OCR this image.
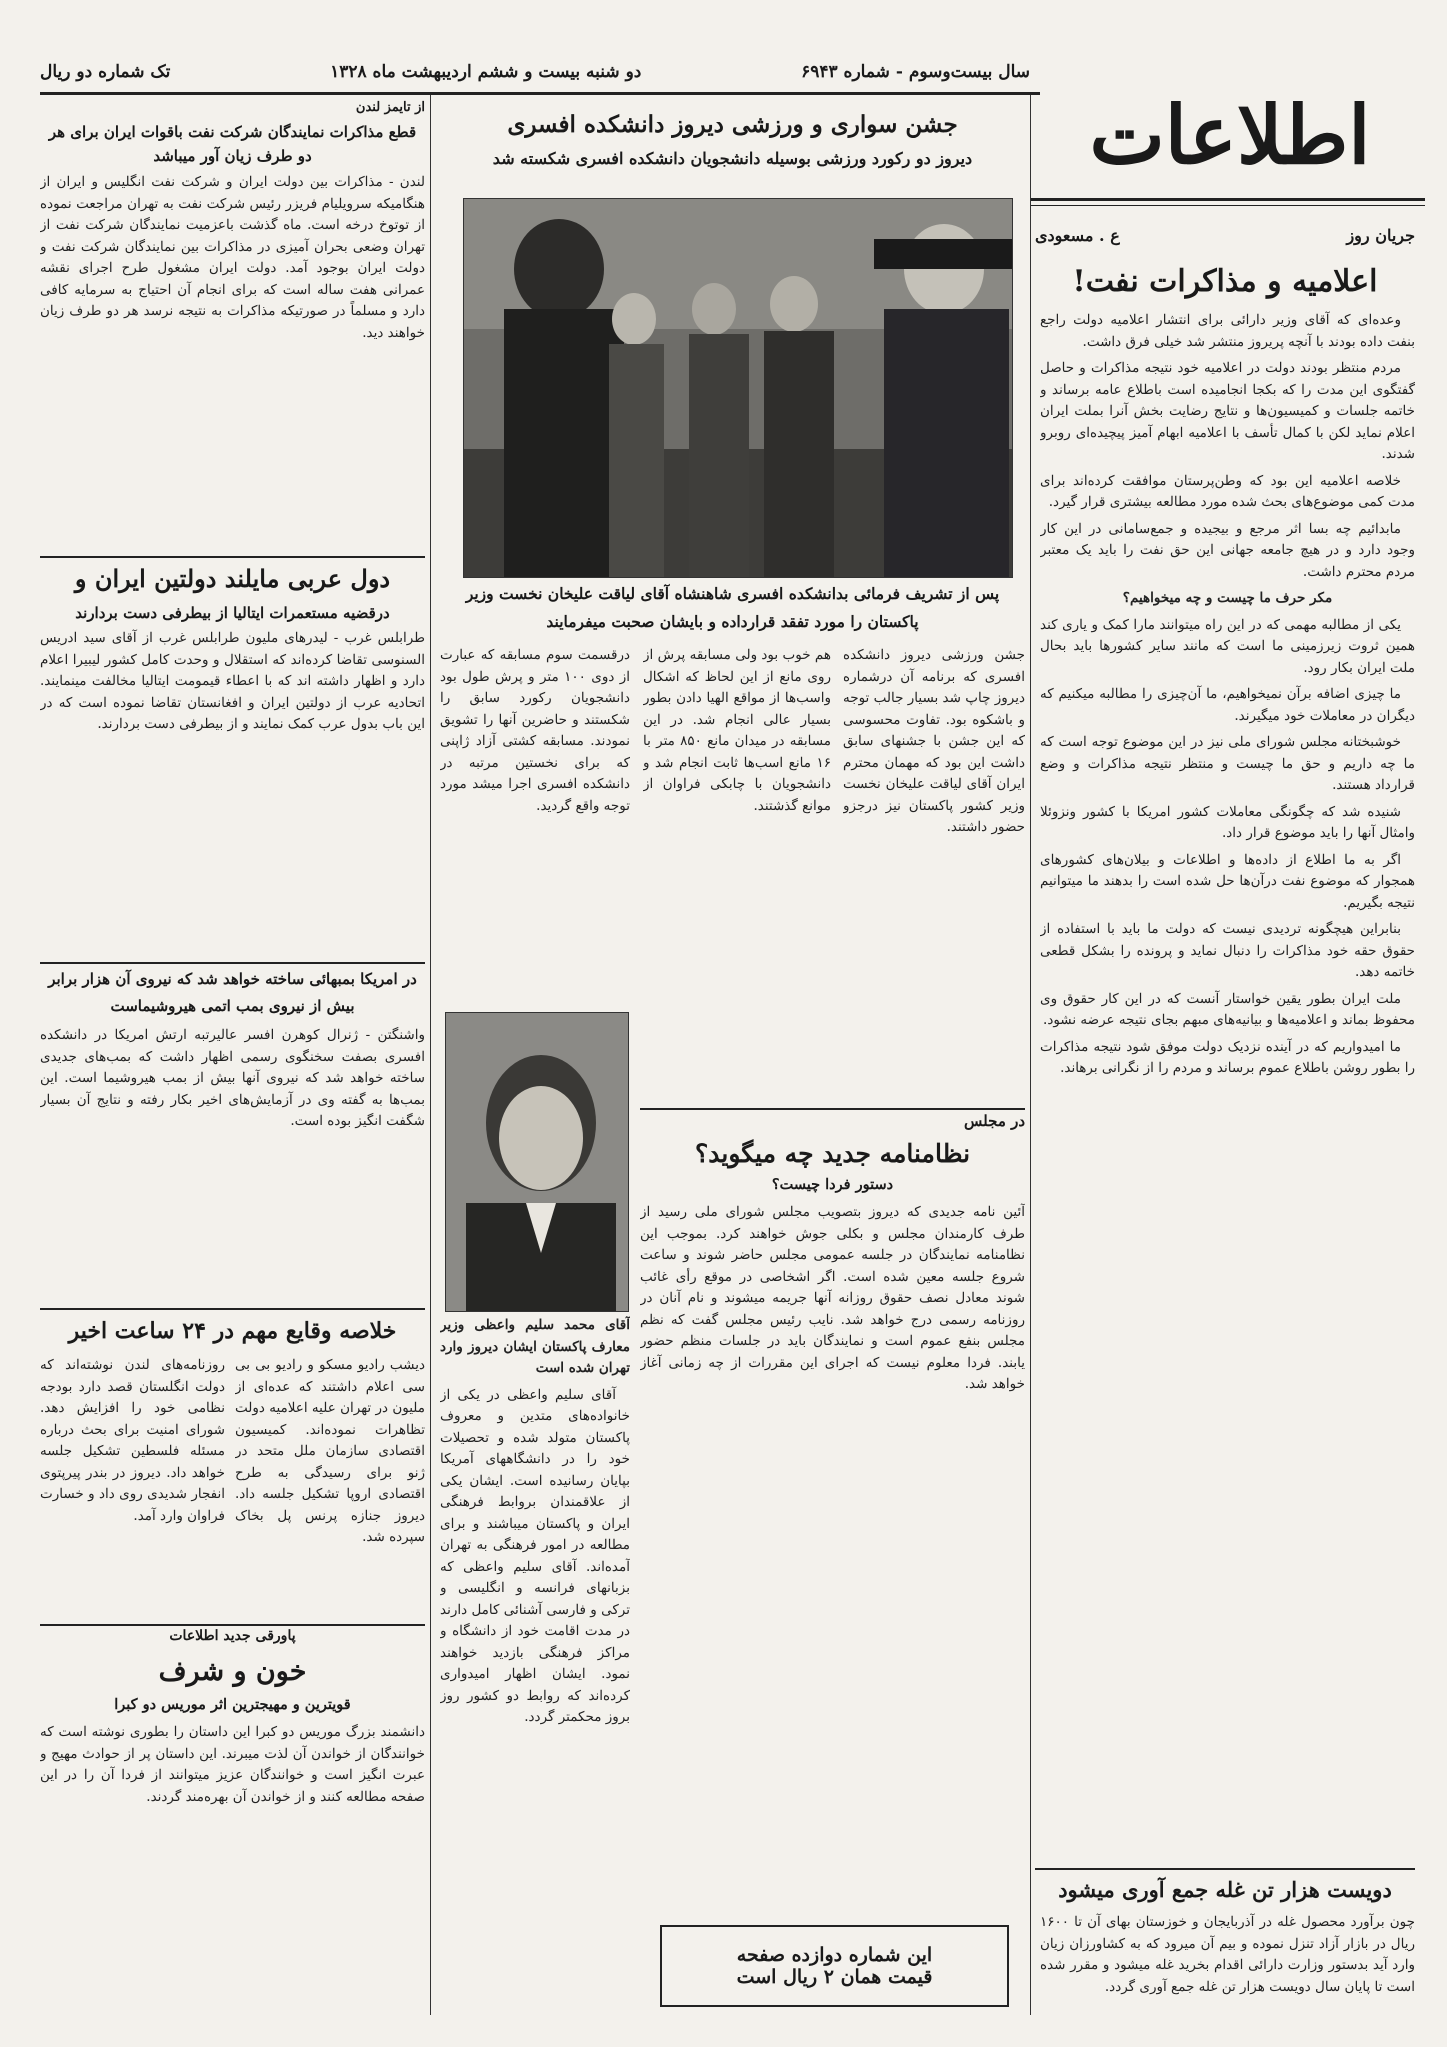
سال بیست‌وسوم - شماره ۶۹۴۳
دو شنبه بیست و ششم اردیبهشت ماه ۱۳۲۸
تک شماره دو ریال
اطلاعات
جریان روز
ع . مسعودی
اعلامیه و مذاکرات نفت!

وعده‌ای که آقای وزیر دارائی برای انتشار اعلامیه دولت راجع بنفت داده بودند با آنچه پریروز منتشر شد خیلی فرق داشت.

مردم منتظر بودند دولت در اعلامیه خود نتیجه مذاکرات و حاصل گفتگوی این مدت را که بکجا انجامیده است باطلاع عامه برساند و خاتمه جلسات و کمیسیون‌ها و نتایج رضایت بخش آنرا بملت ایران اعلام نماید لکن با کمال تأسف با اعلامیه ابهام آمیز پیچیده‌ای روبرو شدند.

خلاصه اعلامیه این بود که وطن‌پرستان موافقت کرده‌اند برای مدت کمی موضوع‌های بحث شده مورد مطالعه بیشتری قرار گیرد.

مابدائیم چه بسا اثر مرجع و بیجیده و جمع‌سامانی در این کار وجود دارد و در هیچ جامعه جهانی این حق نفت را باید یک معتبر مردم محترم داشت.

مکر حرف ما چیست و چه میخواهیم؟

یکی از مطالبه مهمی که در این راه میتوانند مارا کمک و یاری کند همین ثروت زیرزمینی ما است که مانند سایر کشورها باید بحال ملت ایران بکار رود.

ما چیزی اضافه برآن نمیخواهیم، ما آن‌چیزی را مطالبه میکنیم که دیگران در معاملات خود میگیرند.

خوشبختانه مجلس شورای ملی نیز در این موضوع توجه است که ما چه داریم و حق ما چیست و منتظر نتیجه مذاکرات و وضع قرارداد هستند.

شنیده شد که چگونگی معاملات کشور امریکا با کشور ونزوئلا وامثال آنها را باید موضوع قرار داد.

اگر به ما اطلاع از داده‌ها و اطلاعات و بیلان‌های کشورهای همجوار که موضوع نفت درآن‌ها حل شده است را بدهند ما میتوانیم نتیجه بگیریم.

بنابراین هیچگونه تردیدی نیست که دولت ما باید با استفاده از حقوق حقه خود مذاکرات را دنبال نماید و پرونده را بشکل قطعی خاتمه دهد.

ملت ایران بطور یقین خواستار آنست که در این کار حقوق وی محفوظ بماند و اعلامیه‌ها و بیانیه‌های مبهم بجای نتیجه عرضه نشود.

ما امیدواریم که در آینده نزدیک دولت موفق شود نتیجه مذاکرات را بطور روشن باطلاع عموم برساند و مردم را از نگرانی برهاند.

دویست هزار تن غله جمع آوری میشود
چون برآورد محصول غله در آذربایجان و خوزستان بهای آن تا ۱۶۰۰ ریال در بازار آزاد تنزل نموده و بیم آن میرود که به کشاورزان زیان وارد آید بدستور وزارت دارائی اقدام بخرید غله میشود و مقرر شده است تا پایان سال دویست هزار تن غله جمع آوری گردد.
جشن سواری و ورزشی دیروز دانشکده افسری
دیروز دو رکورد ورزشی بوسیله دانشجویان دانشکده افسری شکسته شد
پس از تشریف فرمائی بدانشکده افسری شاهنشاه آقای لیاقت علیخان نخست وزیر پاکستان را مورد تفقد قرارداده و بایشان صحبت میفرمایند
جشن ورزشی دیروز دانشکده افسری که برنامه آن درشماره دیروز چاپ شد بسیار جالب توجه و باشکوه بود. تفاوت محسوسی که این جشن با جشنهای سابق داشت این بود که مهمان محترم ایران آقای لیاقت علیخان نخست وزیر کشور پاکستان نیز درجزو حضور داشتند.
هم خوب بود ولی مسابقه پرش از روی مانع از این لحاظ که اشکال واسب‌ها از مواقع الهیا دادن بطور بسیار عالی انجام شد. در این مسابقه در میدان مانع ۸۵۰ متر با ۱۶ مانع اسب‌ها ثابت انجام شد و دانشجویان با چابکی فراوان از موانع گذشتند.
درقسمت سوم مسابقه که عبارت از دوی ۱۰۰ متر و پرش طول بود دانشجویان رکورد سابق را شکستند و حاضرین آنها را تشویق نمودند. مسابقه کشتی آزاد ژاپنی که برای نخستین مرتبه در دانشکده افسری اجرا میشد مورد توجه واقع گردید.

آقای محمد سلیم واعظی وزیر معارف پاکستان ایشان دیروز وارد تهران شده است

آقای سلیم واعظی در یکی از خانواده‌های متدین و معروف پاکستان متولد شده و تحصیلات خود را در دانشگاههای آمریکا بپایان رسانیده است. ایشان یکی از علاقمندان بروابط فرهنگی ایران و پاکستان میباشند و برای مطالعه در امور فرهنگی به تهران آمده‌اند. آقای سلیم واعظی که بزبانهای فرانسه و انگلیسی و ترکی و فارسی آشنائی کامل دارند در مدت اقامت خود از دانشگاه و مراکز فرهنگی بازدید خواهند نمود. ایشان اظهار امیدواری کرده‌اند که روابط دو کشور روز بروز محکمتر گردد.

در مجلس
نظامنامه جدید چه میگوید؟
دستور فردا چیست؟
آئین نامه جدیدی که دیروز بتصویب مجلس شورای ملی رسید از طرف کارمندان مجلس و بکلی جوش خواهند کرد. بموجب این نظامنامه نمایندگان در جلسه عمومی مجلس حاضر شوند و ساعت شروع جلسه معین شده است. اگر اشخاصی در موقع رأی غائب شوند معادل نصف حقوق روزانه آنها جریمه میشوند و نام آنان در روزنامه رسمی درج خواهد شد. نایب رئیس مجلس گفت که نظم مجلس بنفع عموم است و نمایندگان باید در جلسات منظم حضور یابند. فردا معلوم نیست که اجرای این مقررات از چه زمانی آغاز خواهد شد.
این شماره دوازده صفحه
قیمت همان ۲ ریال است
از تایمز لندن
قطع مذاکرات نمایندگان شرکت نفت باقوات ایران برای هر دو طرف زیان آور میباشد
لندن - مذاکرات بین دولت ایران و شرکت نفت انگلیس و ایران از هنگامیکه سرویلیام فریزر رئیس شرکت نفت به تهران مراجعت نموده از توتوخ درخه است. ماه گذشت باعزمیت نمایندگان شرکت نفت از تهران وضعی بحران آمیزی در مذاکرات بین نمایندگان شرکت نفت و دولت ایران بوجود آمد. دولت ایران مشغول طرح اجرای نقشه عمرانی هفت ساله است که برای انجام آن احتیاج به سرمایه کافی دارد و مسلماً در صورتیکه مذاکرات به نتیجه نرسد هر دو طرف زیان خواهند دید.
دول عربی مایلند دولتین ایران و
درقضیه مستعمرات ایتالیا از بیطرفی دست بردارند
طرابلس غرب - لیدرهای ملیون طرابلس غرب از آقای سید ادریس السنوسی تقاضا کرده‌اند که استقلال و وحدت کامل کشور لیبیرا اعلام دارد و اظهار داشته اند که با اعطاء قیمومت ایتالیا مخالفت مینمایند. اتحادیه عرب از دولتین ایران و افغانستان تقاضا نموده است که در این باب بدول عرب کمک نمایند و از بیطرفی دست بردارند.
در امریکا بمبهائی ساخته خواهد شد که نیروی آن هزار برابر بیش از نیروی بمب اتمی هیروشیماست
واشنگتن - ژنرال کوهرن افسر عالیرتبه ارتش امریکا در دانشکده افسری بصفت سخنگوی رسمی اظهار داشت که بمب‌های جدیدی ساخته خواهد شد که نیروی آنها بیش از بمب هیروشیما است. این بمب‌ها به گفته وی در آزمایش‌های اخیر بکار رفته و نتایج آن بسیار شگفت انگیز بوده است.
خلاصه وقایع مهم در ۲۴ ساعت اخیر
دیشب رادیو مسکو و رادیو بی بی سی اعلام داشتند که عده‌ای از ملیون در تهران علیه اعلامیه دولت تظاهرات نموده‌اند. کمیسیون اقتصادی سازمان ملل متحد در ژنو برای رسیدگی به طرح اقتصادی اروپا تشکیل جلسه داد. دیروز جنازه پرنس پل بخاک سپرده شد.
روزنامه‌های لندن نوشته‌اند که دولت انگلستان قصد دارد بودجه نظامی خود را افزایش دهد. شورای امنیت برای بحث درباره مسئله فلسطین تشکیل جلسه خواهد داد. دیروز در بندر پیرپتوی انفجار شدیدی روی داد و خسارت فراوان وارد آمد.
پاورقی جدید اطلاعات
خون و شرف
قویترین و مهیجترین اثر موریس دو کبرا
دانشمند بزرگ موریس دو کبرا این داستان را بطوری نوشته است که خوانندگان از خواندن آن لذت میبرند. این داستان پر از حوادث مهیج و عبرت انگیز است و خوانندگان عزیز میتوانند از فردا آن را در این صفحه مطالعه کنند و از خواندن آن بهره‌مند گردند.
